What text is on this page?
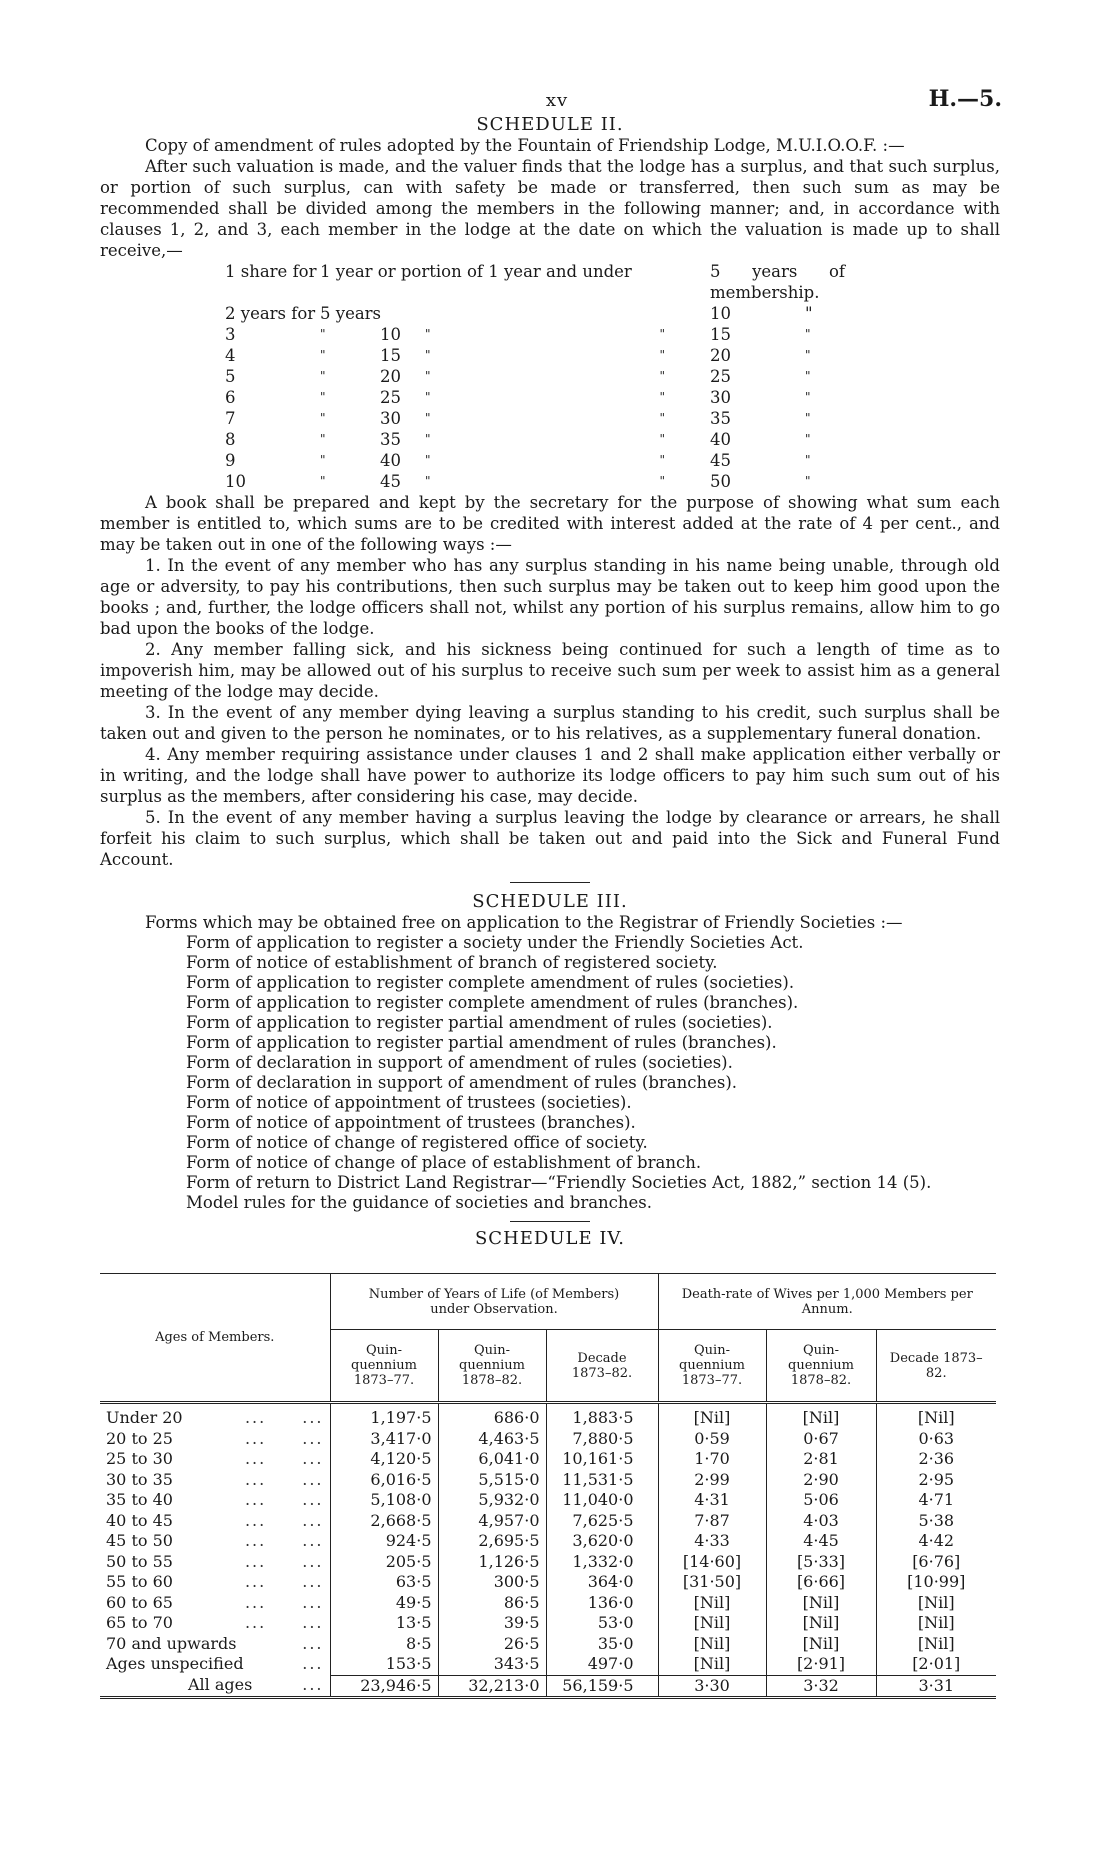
xv	H.—5.
SCHEDULE II.

Copy of amendment of rules adopted by the Fountain of Friendship Lodge, M.U.I.O.O.F. :—

After such valuation is made, and the valuer finds that the lodge has a surplus, and that such surplus, or portion of such surplus, can with safety be made or transferred, then such sum as may be recommended shall be divided among the members in the following manner; and, in accordance with clauses 1, 2, and 3, each member in the lodge at the date on which the valuation is made up to shall receive,—

1 share for	1 year or portion of 1 year and under				5 years of membership.	
2 years for	5 years				10	"
3	"	10	"	"	15	"
4	"	15	"	"	20	"
5	"	20	"	"	25	"
6	"	25	"	"	30	"
7	"	30	"	"	35	"
8	"	35	"	"	40	"
9	"	40	"	"	45	"
10	"	45	"	"	50	"

A book shall be prepared and kept by the secretary for the purpose of showing what sum each member is entitled to, which sums are to be credited with interest added at the rate of 4 per cent., and may be taken out in one of the following ways :—

1. In the event of any member who has any surplus standing in his name being unable, through old age or adversity, to pay his contributions, then such surplus may be taken out to keep him good upon the books ; and, further, the lodge officers shall not, whilst any portion of his surplus remains, allow him to go bad upon the books of the lodge.

2. Any member falling sick, and his sickness being continued for such a length of time as to impoverish him, may be allowed out of his surplus to receive such sum per week to assist him as a general meeting of the lodge may decide.

3. In the event of any member dying leaving a surplus standing to his credit, such surplus shall be taken out and given to the person he nominates, or to his relatives, as a supplementary funeral donation.

4. Any member requiring assistance under clauses 1 and 2 shall make application either verbally or in writing, and the lodge shall have power to authorize its lodge officers to pay him such sum out of his surplus as the members, after considering his case, may decide.

5. In the event of any member having a surplus leaving the lodge by clearance or arrears, he shall forfeit his claim to such surplus, which shall be taken out and paid into the Sick and Funeral Fund Account.

SCHEDULE III.

Forms which may be obtained free on application to the Registrar of Friendly Societies :—

Form of application to register a society under the Friendly Societies Act.
Form of notice of establishment of branch of registered society.
Form of application to register complete amendment of rules (societies).
Form of application to register complete amendment of rules (branches).
Form of application to register partial amendment of rules (societies).
Form of application to register partial amendment of rules (branches).
Form of declaration in support of amendment of rules (societies).
Form of declaration in support of amendment of rules (branches).
Form of notice of appointment of trustees (societies).
Form of notice of appointment of trustees (branches).
Form of notice of change of registered office of society.
Form of notice of change of place of establishment of branch.
Form of return to District Land Registrar—“Friendly Societies Act, 1882,” section 14 (5).
Model rules for the guidance of societies and branches.
SCHEDULE IV.
Ages of Members.	Number of Years of Life (of Members) under Observation.			Death-rate of Wives per 1,000 Members per Annum.		
	Quin-quennium 1873–77.	Quin-quennium 1878–82.	Decade 1873–82.	Quin-quennium 1873–77.	Quin-quennium 1878–82.	Decade 1873–82.

Under 20 ...   ...	1,197·5	686·0	1,883·5	[Nil]	[Nil]	[Nil]

20 to 25 ...   ...	3,417·0	4,463·5	7,880·5	0·59	0·67	0·63

25 to 30 ...   ...	4,120·5	6,041·0	10,161·5	1·70	2·81	2·36

30 to 35 ...   ...	6,016·5	5,515·0	11,531·5	2·99	2·90	2·95

35 to 40 ...   ...	5,108·0	5,932·0	11,040·0	4·31	5·06	4·71

40 to 45 ...   ...	2,668·5	4,957·0	7,625·5	7·87	4·03	5·38

45 to 50 ...   ...	924·5	2,695·5	3,620·0	4·33	4·45	4·42

50 to 55 ...   ...	205·5	1,126·5	1,332·0	[14·60]	[5·33]	[6·76]

55 to 60 ...   ...	63·5	300·5	364·0	[31·50]	[6·66]	[10·99]

60 to 65 ...   ...	49·5	86·5	136·0	[Nil]	[Nil]	[Nil]

65 to 70 ...   ...	13·5	39·5	53·0	[Nil]	[Nil]	[Nil]

70 and upwards ...	8·5	26·5	35·0	[Nil]	[Nil]	[Nil]

Ages unspecified ...	153·5	343·5	497·0	[Nil]	[2·91]	[2·01]

All ages ...	23,946·5	32,213·0	56,159·5	3·30	3·32	3·31
